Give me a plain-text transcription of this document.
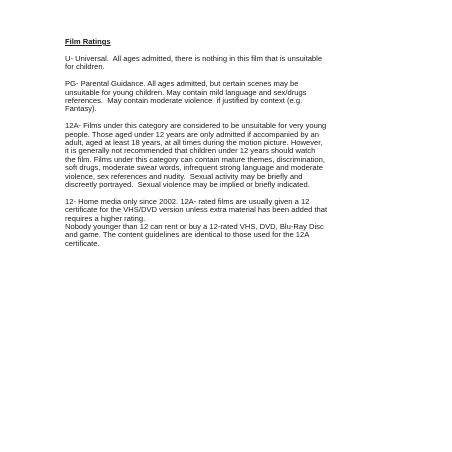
Film Ratings
U- Universal.  All ages admitted, there is nothing in this film that is unsuitable
for children.
PG- Parental Guidance. All ages admitted, but certain scenes may be
unsuitable for young children. May contain mild language and sex/drugs
references.  May contain moderate violence  if justified by context (e.g.
Fantasy).
12A- Films under this category are considered to be unsuitable for very young
people. Those aged under 12 years are only admitted if accompanied by an
adult, aged at least 18 years, at all times during the motion picture. However,
it is generally not recommended that children under 12 years should watch
the film. Films under this category can contain mature themes, discrimination,
soft drugs, moderate swear words, infrequent strong language and moderate
violence, sex references and nudity.  Sexual activity may be briefly and
discreetly portrayed.  Sexual violence may be implied or briefly indicated.
12- Home media only since 2002. 12A- rated films are usually given a 12
certificate for the VHS/DVD version unless extra material has been added that
requires a higher rating.
Nobody younger than 12 can rent or buy a 12-rated VHS, DVD, Blu-Ray Disc
and game. The content guidelines are identical to those used for the 12A
certificate.
